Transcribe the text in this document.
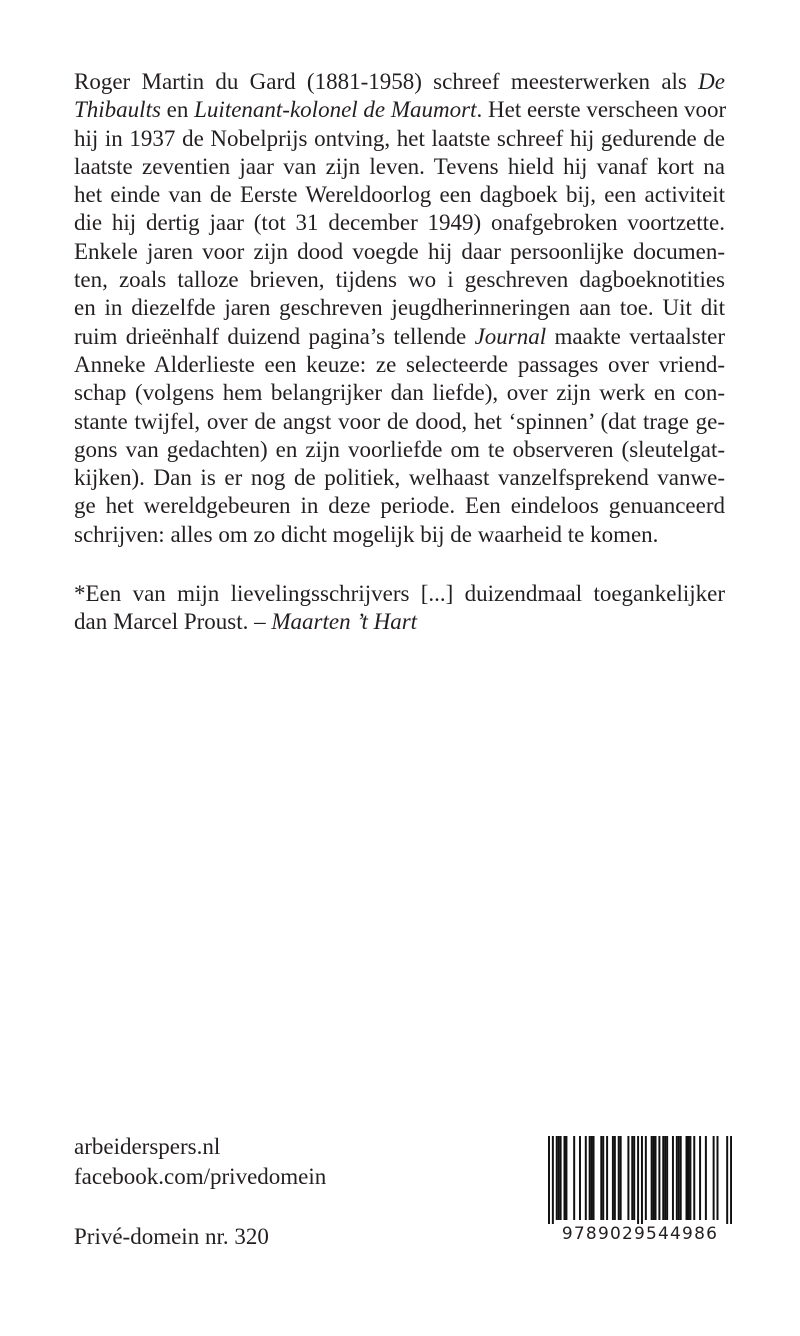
Roger Martin du Gard (1881-1958) schreef meesterwerken als De
Thibaults en Luitenant-kolonel de Maumort. Het eerste verscheen voor
hij in 1937 de Nobelprijs ontving, het laatste schreef hij gedurende de
laatste zeventien jaar van zijn leven. Tevens hield hij vanaf kort na
het einde van de Eerste Wereldoorlog een dagboek bij, een activiteit
die hij dertig jaar (tot 31 december 1949) onafgebroken voortzette.
Enkele jaren voor zijn dood voegde hij daar persoonlijke documen-
ten, zoals talloze brieven, tijdens wo i geschreven dagboeknotities
en in diezelfde jaren geschreven jeugdherinneringen aan toe. Uit dit
ruim drieënhalf duizend pagina’s tellende Journal maakte vertaalster
Anneke Alderlieste een keuze: ze selecteerde passages over vriend-
schap (volgens hem belangrijker dan liefde), over zijn werk en con-
stante twijfel, over de angst voor de dood, het ‘spinnen’ (dat trage ge-
gons van gedachten) en zijn voorliefde om te observeren (sleutelgat-
kijken). Dan is er nog de politiek, welhaast vanzelfsprekend vanwe-
ge het wereldgebeuren in deze periode. Een eindeloos genuanceerd
schrijven: alles om zo dicht mogelijk bij de waarheid te komen.
*Een van mijn lievelingsschrijvers [...] duizendmaal toegankelijker
dan Marcel Proust. – Maarten ’t Hart
arbeiderspers.nl
facebook.com/privedomein
Privé-domein nr. 320	9789029544986
